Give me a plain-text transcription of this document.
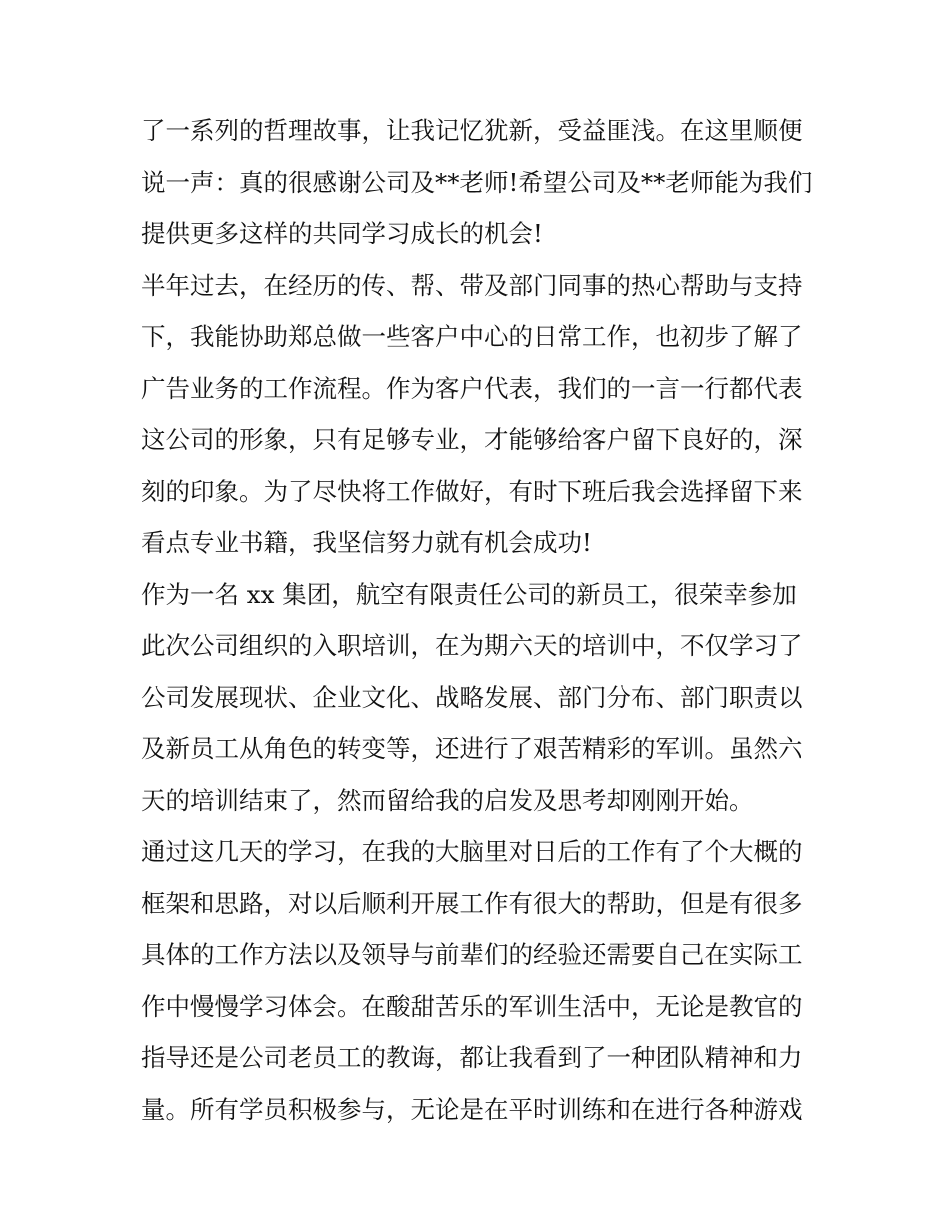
了一系列的哲理故事，让我记忆犹新，受益匪浅。在这里顺便
说一声：真的很感谢公司及**老师!希望公司及**老师能为我们
提供更多这样的共同学习成长的机会!
半年过去，在经历的传、帮、带及部门同事的热心帮助与支持
下，我能协助郑总做一些客户中心的日常工作，也初步了解了
广告业务的工作流程。作为客户代表，我们的一言一行都代表
这公司的形象，只有足够专业，才能够给客户留下良好的，深
刻的印象。为了尽快将工作做好，有时下班后我会选择留下来
看点专业书籍，我坚信努力就有机会成功!
作为一名 xx 集团，航空有限责任公司的新员工，很荣幸参加
此次公司组织的入职培训，在为期六天的培训中，不仅学习了
公司发展现状、企业文化、战略发展、部门分布、部门职责以
及新员工从角色的转变等，还进行了艰苦精彩的军训。虽然六
天的培训结束了，然而留给我的启发及思考却刚刚开始。
通过这几天的学习，在我的大脑里对日后的工作有了个大概的
框架和思路，对以后顺利开展工作有很大的帮助，但是有很多
具体的工作方法以及领导与前辈们的经验还需要自己在实际工
作中慢慢学习体会。在酸甜苦乐的军训生活中，无论是教官的
指导还是公司老员工的教诲，都让我看到了一种团队精神和力
量。所有学员积极参与，无论是在平时训练和在进行各种游戏
